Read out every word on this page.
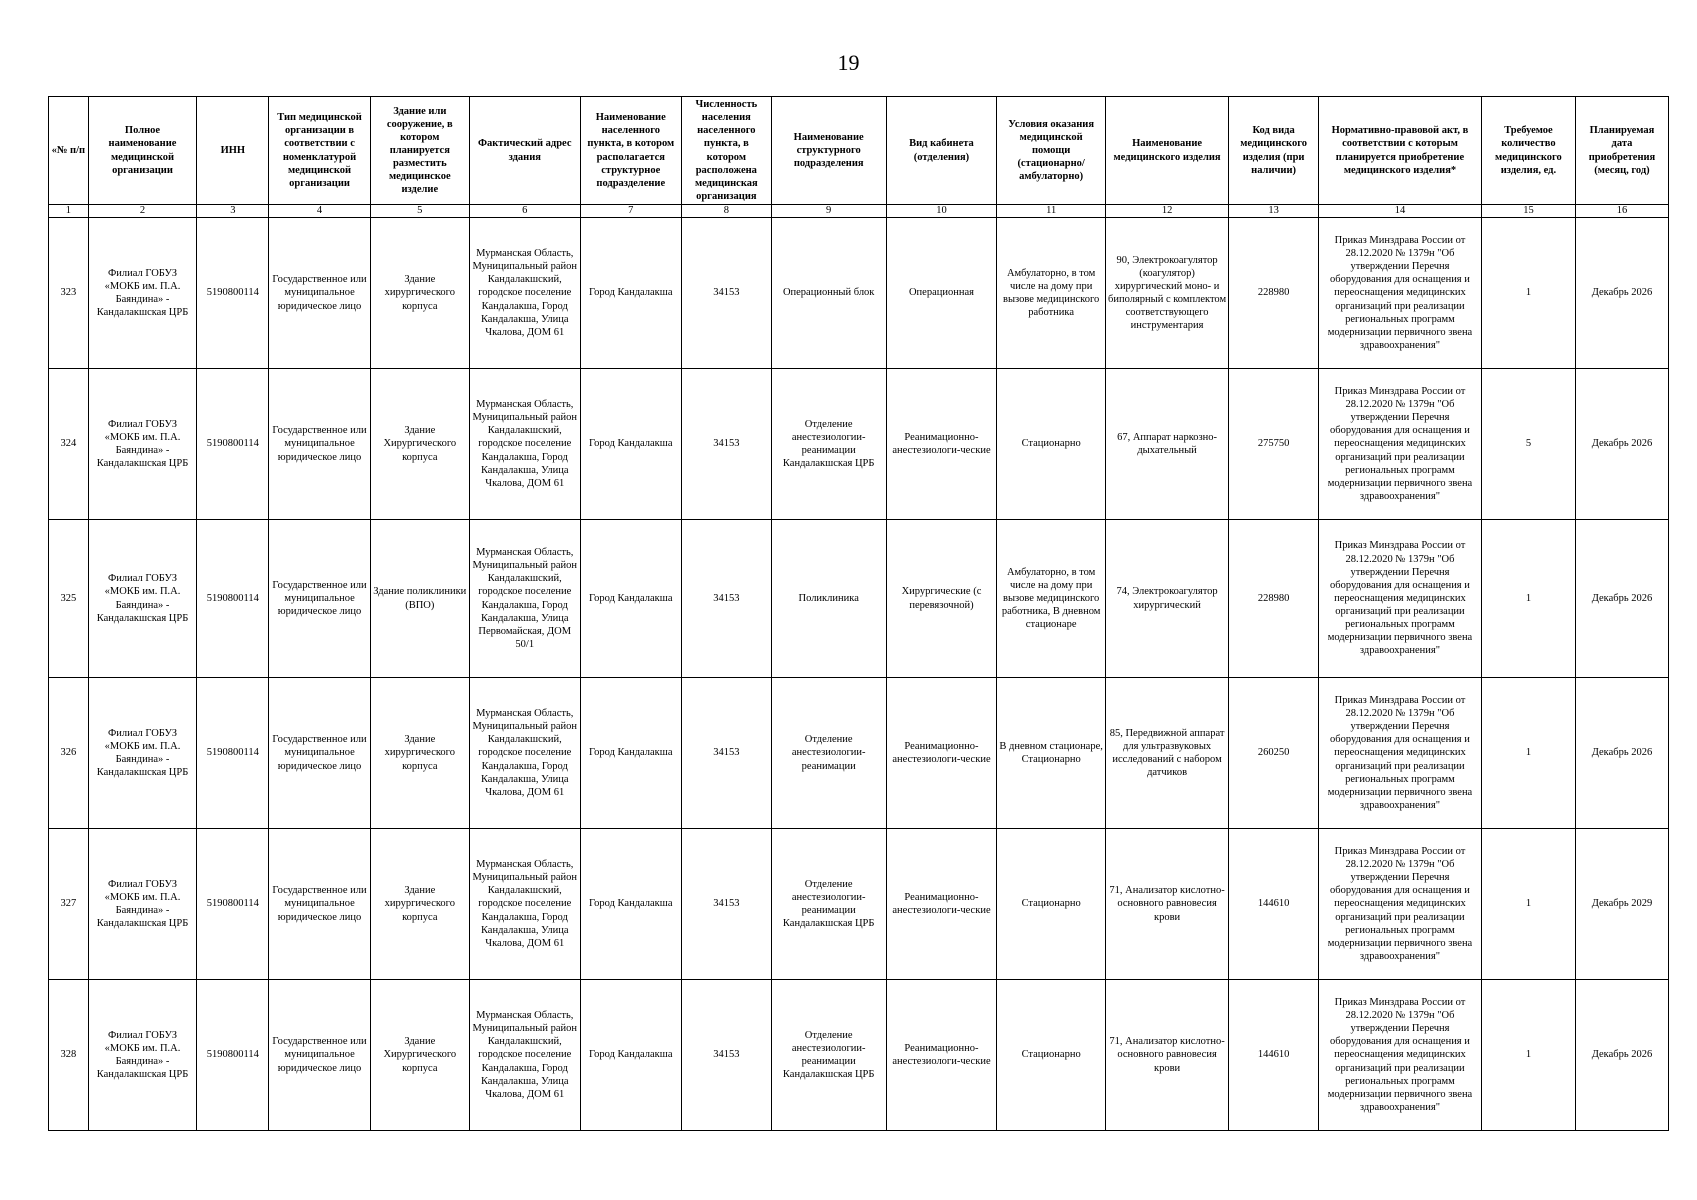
19
«№ п/п	Полное наименование медицинской организации	ИНН	Тип медицинской организации в соответствии с номенклатурой медицинской организации	Здание или сооружение, в котором планируется разместить медицинское изделие	Фактический адрес здания	Наименование населенного пункта, в котором располагается структурное подразделение	Численность населения населенного пункта, в котором расположена медицинская организация	Наименование структурного подразделения	Вид кабинета (отделения)	Условия оказания медицинской помощи (стационарно/ амбулаторно)	Наименование медицинского изделия	Код вида медицинского изделия (при наличии)	Нормативно-правовой акт, в соответствии с которым планируется приобретение медицинского изделия*	Требуемое количество медицинского изделия, ед.	Планируемая дата приобретения (месяц, год)
1	2	3	4	5	6	7	8	9	10	11	12	13	14	15	16
323	Филиал ГОБУЗ «МОКБ им. П.А. Баяндина» - Кандалакшская ЦРБ	5190800114	Государственное или муниципальное юридическое лицо	Здание хирургического корпуса	Мурманская Область, Муниципальный район Кандалакшский, городское поселение Кандалакша, Город Кандалакша, Улица Чкалова, ДОМ 61	Город Кандалакша	34153	Операционный блок	Операционная	Амбулаторно, в том числе на дому при вызове медицинского работника	90, Электрокоагулятор (коагулятор) хирургический моно- и биполярный с комплектом соответствующего инструментария	228980	Приказ Минздрава России от 28.12.2020 № 1379н "Об утверждении Перечня оборудования для оснащения и переоснащения медицинских организаций при реализации региональных программ модернизации первичного звена здравоохранения"	1	Декабрь 2026
324	Филиал ГОБУЗ «МОКБ им. П.А. Баяндина» - Кандалакшская ЦРБ	5190800114	Государственное или муниципальное юридическое лицо	Здание Хирургического корпуса	Мурманская Область, Муниципальный район Кандалакшский, городское поселение Кандалакша, Город Кандалакша, Улица Чкалова, ДОМ 61	Город Кандалакша	34153	Отделение анестезиологии-реанимации Кандалакшская ЦРБ	Реанимационно-анестезиологи-ческие	Стационарно	67, Аппарат наркозно-дыхательный	275750	Приказ Минздрава России от 28.12.2020 № 1379н "Об утверждении Перечня оборудования для оснащения и переоснащения медицинских организаций при реализации региональных программ модернизации первичного звена здравоохранения"	5	Декабрь 2026
325	Филиал ГОБУЗ «МОКБ им. П.А. Баяндина» - Кандалакшская ЦРБ	5190800114	Государственное или муниципальное юридическое лицо	Здание поликлиники (ВПО)	Мурманская Область, Муниципальный район Кандалакшский, городское поселение Кандалакша, Город Кандалакша, Улица Первомайская, ДОМ 50/1	Город Кандалакша	34153	Поликлиника	Хирургические (с перевязочной)	Амбулаторно, в том числе на дому при вызове медицинского работника, В дневном стационаре	74, Электрокоагулятор хирургический	228980	Приказ Минздрава России от 28.12.2020 № 1379н "Об утверждении Перечня оборудования для оснащения и переоснащения медицинских организаций при реализации региональных программ модернизации первичного звена здравоохранения"	1	Декабрь 2026
326	Филиал ГОБУЗ «МОКБ им. П.А. Баяндина» - Кандалакшская ЦРБ	5190800114	Государственное или муниципальное юридическое лицо	Здание хирургического корпуса	Мурманская Область, Муниципальный район Кандалакшский, городское поселение Кандалакша, Город Кандалакша, Улица Чкалова, ДОМ 61	Город Кандалакша	34153	Отделение анестезиологии-реанимации	Реанимационно-анестезиологи-ческие	В дневном стационаре, Стационарно	85, Передвижной аппарат для ультразвуковых исследований с набором датчиков	260250	Приказ Минздрава России от 28.12.2020 № 1379н "Об утверждении Перечня оборудования для оснащения и переоснащения медицинских организаций при реализации региональных программ модернизации первичного звена здравоохранения"	1	Декабрь 2026
327	Филиал ГОБУЗ «МОКБ им. П.А. Баяндина» - Кандалакшская ЦРБ	5190800114	Государственное или муниципальное юридическое лицо	Здание хирургического корпуса	Мурманская Область, Муниципальный район Кандалакшский, городское поселение Кандалакша, Город Кандалакша, Улица Чкалова, ДОМ 61	Город Кандалакша	34153	Отделение анестезиологии-реанимации Кандалакшская ЦРБ	Реанимационно-анестезиологи-ческие	Стационарно	71, Анализатор кислотно-основного равновесия крови	144610	Приказ Минздрава России от 28.12.2020 № 1379н "Об утверждении Перечня оборудования для оснащения и переоснащения медицинских организаций при реализации региональных программ модернизации первичного звена здравоохранения"	1	Декабрь 2029
328	Филиал ГОБУЗ «МОКБ им. П.А. Баяндина» - Кандалакшская ЦРБ	5190800114	Государственное или муниципальное юридическое лицо	Здание Хирургического корпуса	Мурманская Область, Муниципальный район Кандалакшский, городское поселение Кандалакша, Город Кандалакша, Улица Чкалова, ДОМ 61	Город Кандалакша	34153	Отделение анестезиологии-реанимации Кандалакшская ЦРБ	Реанимационно-анестезиологи-ческие	Стационарно	71, Анализатор кислотно-основного равновесия крови	144610	Приказ Минздрава России от 28.12.2020 № 1379н "Об утверждении Перечня оборудования для оснащения и переоснащения медицинских организаций при реализации региональных программ модернизации первичного звена здравоохранения"	1	Декабрь 2026
